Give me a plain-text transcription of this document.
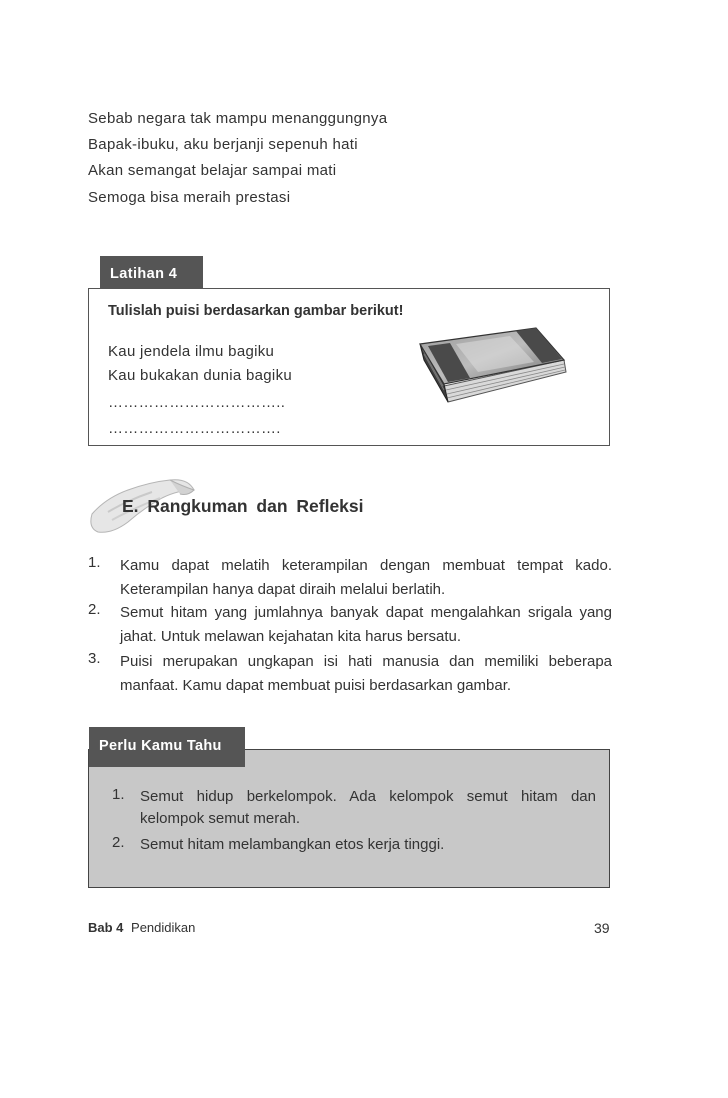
Sebab negara tak mampu menanggungnya
Bapak-ibuku, aku berjanji sepenuh hati
Akan semangat belajar sampai mati
Semoga bisa meraih prestasi
Latihan 4
Tulislah puisi berdasarkan gambar berikut!
Kau jendela ilmu bagiku
Kau bukakan dunia bagiku
……………………………..
…………………………….
E. Rangkuman dan Refleksi
1. Kamu dapat melatih keterampilan dengan membuat tempat kado. Keterampilan hanya dapat diraih melalui berlatih.
2. Semut hitam yang jumlahnya banyak dapat mengalahkan srigala yang jahat. Untuk melawan kejahatan kita harus bersatu.
3. Puisi merupakan ungkapan isi hati manusia dan memiliki beberapa manfaat. Kamu dapat membuat puisi berdasarkan gambar.
Perlu Kamu Tahu
1. Semut hidup berkelompok. Ada kelompok semut hitam dan kelompok semut merah.
2. Semut hitam melambangkan etos kerja tinggi.
Bab 4 Pendidikan	39
